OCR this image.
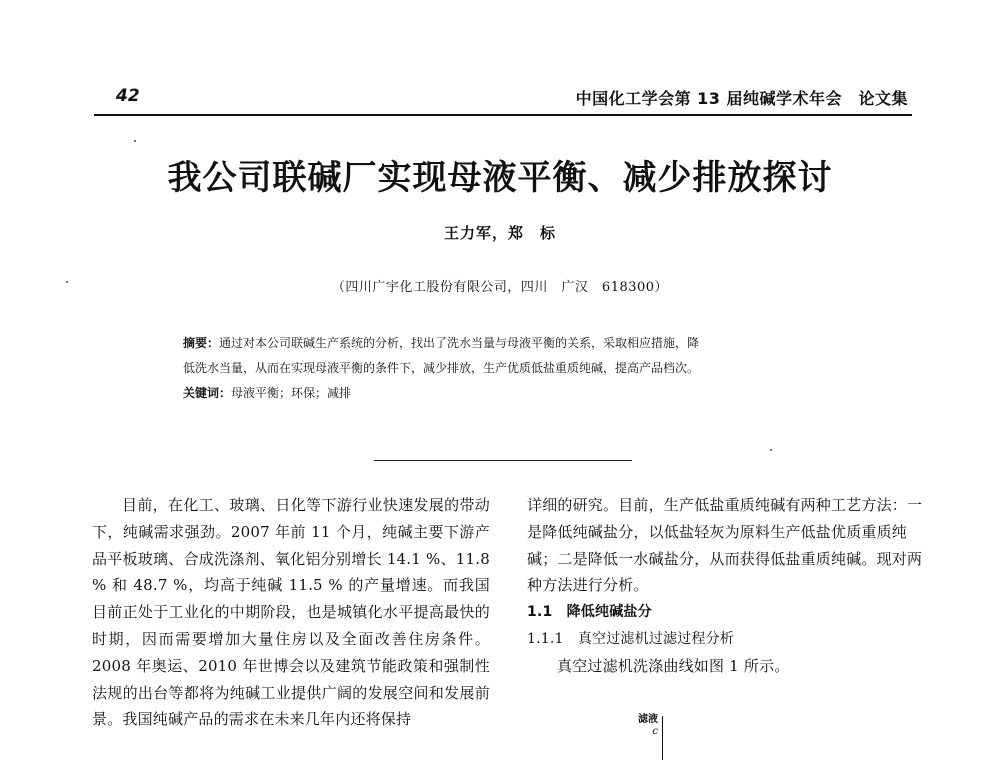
42	中国化工学会第 13 届纯碱学术年会　论文集
我公司联碱厂实现母液平衡、减少排放探讨
王力军，郑　标
（四川广宇化工股份有限公司，四川　广汉　618300）
摘要：通过对本公司联碱生产系统的分析，找出了洗水当量与母液平衡的关系，采取相应措施，降
低洗水当量，从而在实现母液平衡的条件下，减少排放，生产优质低盐重质纯碱，提高产品档次。
关键词：母液平衡；环保；减排
目前，在化工、玻璃、日化等下游行业快速发展的带动下，纯碱需求强劲。2007 年前 11 个月，纯碱主要下游产品平板玻璃、合成洗涤剂、氧化铝分别增长 14.1 %、11.8 % 和 48.7 %，均高于纯碱 11.5 % 的产量增速。而我国目前正处于工业化的中期阶段，也是城镇化水平提高最快的时期，因而需要增加大量住房以及全面改善住房条件。2008 年奥运、2010 年世博会以及建筑节能政策和强制性法规的出台等都将为纯碱工业提供广阔的发展空间和发展前景。我国纯碱产品的需求在未来几年内还将保持
详细的研究。目前，生产低盐重质纯碱有两种工艺方法：一是降低纯碱盐分，以低盐轻灰为原料生产低盐优质重质纯碱；二是降低一水碱盐分，从而获得低盐重质纯碱。现对两种方法进行分析。
1.1　降低纯碱盐分
1.1.1　真空过滤机过滤过程分析
真空过滤机洗涤曲线如图 1 所示。
滤液
c
